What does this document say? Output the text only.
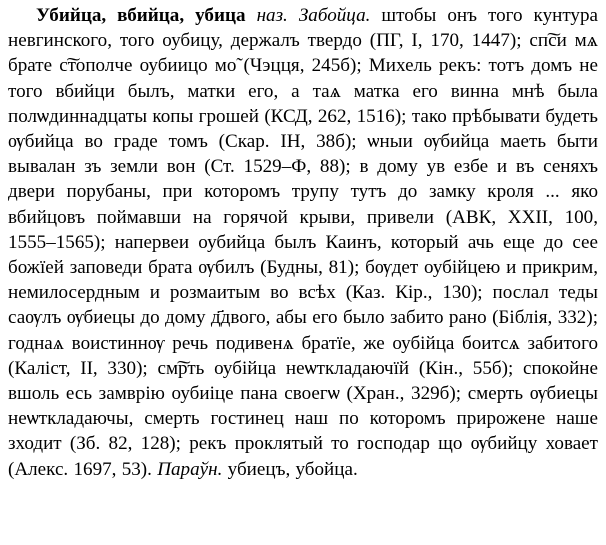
Убийца, вбийца, убица наз. Забойца. штобы онъ того кунтура невгинского, того оубицу, держалъ твердо (ПГ, I, 170, 1447); сп͠си мѧ брате с͠тополче оубиицо мо̃ (Чэцця, 245б); Михель рекъ: тотъ домъ не того вбийци былъ, матки его, а таѧ матка его винна мнѣ была полѡдиннадцаты копы грошей (КСД, 262, 1516); тако прѣбывати будеть ѹбийца во граде томъ (Скар. IН, 38б); ѡныи ѹбийца маеть быти вывалан зъ земли вон (Ст. 1529–Ф, 88); в дому ув езбе и въ сеняхъ двери порубаны, при которомъ трупу тутъ до замку кроля ... яко вбийцовъ поймавши на горячой крыви, привели (АВК, XXII, 100, 1555–1565); напервеи оубийца былъ Каинъ, который ачь еще до сее божїей заповеди брата ѹбилъ (Будны, 81); бѹдет оубійцею и прикрим, немилосердным и розмаитым во всѣх (Каз. Кір., 130); послал теды саѹлъ ѹбиецы до дому д҃двого, абы его было забито рано (Біблія, 332); годнаѧ воистиннѹ речь подивенѧ братїе, же оубійца боитсѧ забитого (Каліст, II, 330); см͠рть оубійца неѡткладаючїй (Кін., 55б); спокойне вшоль есь замврію оубиіце пана своегѡ (Хран., 329б); смерть ѹбиецы неѡткладаючы, смерть гостинец наш по которомъ прирожене наше зходит (Зб. 82, 128); рекъ проклятый то господар що ѹбийцу ховает (Алекс. 1697, 53). Параўн. убиецъ, убойца.
